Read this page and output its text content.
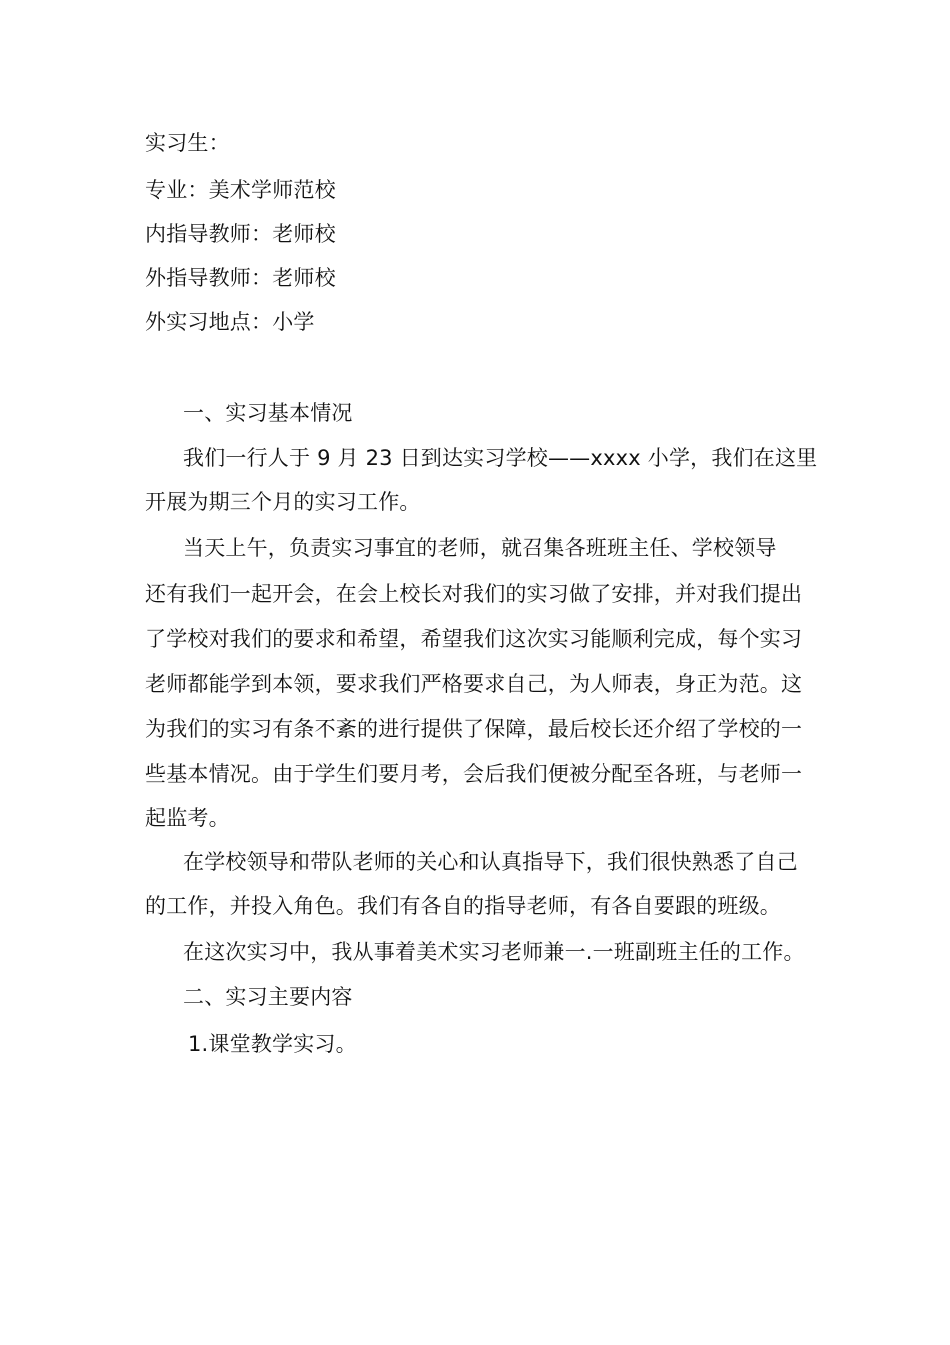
实习生：
专业：美术学师范校
内指导教师：老师校
外指导教师：老师校
外实习地点：小学
一、实习基本情况
我们一行人于 9 月 23 日到达实习学校——xxxx 小学，我们在这里
开展为期三个月的实习工作。
当天上午，负责实习事宜的老师，就召集各班班主任、学校领导
还有我们一起开会，在会上校长对我们的实习做了安排，并对我们提出
了学校对我们的要求和希望，希望我们这次实习能顺利完成，每个实习
老师都能学到本领，要求我们严格要求自己，为人师表，身正为范。这
为我们的实习有条不紊的进行提供了保障，最后校长还介绍了学校的一
些基本情况。由于学生们要月考，会后我们便被分配至各班，与老师一
起监考。
在学校领导和带队老师的关心和认真指导下，我们很快熟悉了自己
的工作，并投入角色。我们有各自的指导老师，有各自要跟的班级。
在这次实习中，我从事着美术实习老师兼一.一班副班主任的工作。
二、实习主要内容
1.课堂教学实习。
